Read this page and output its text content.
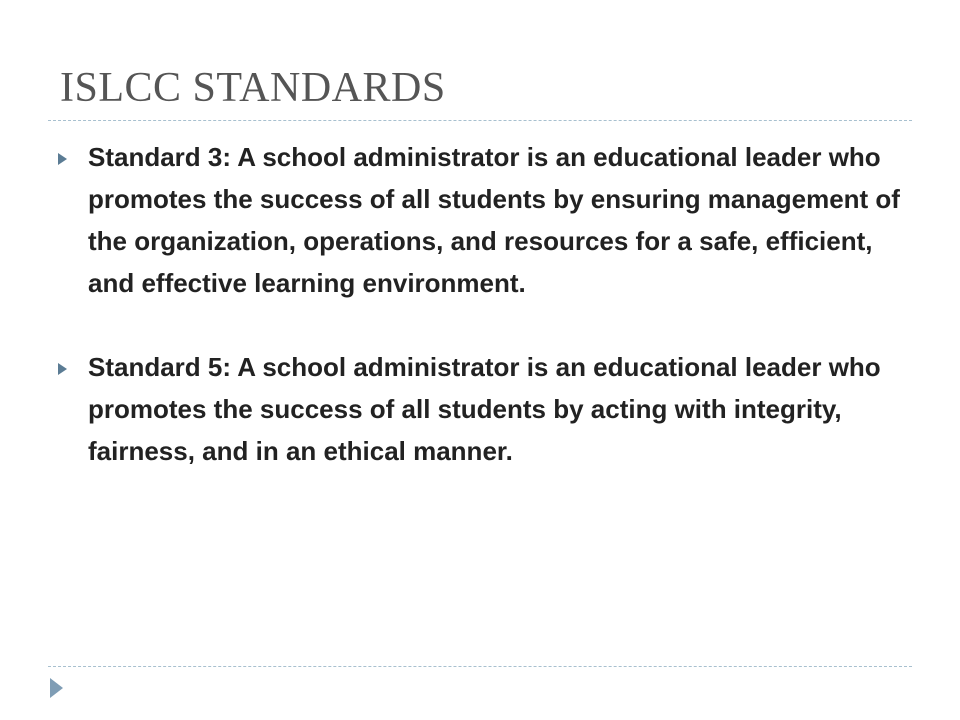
ISLCC STANDARDS
Standard 3: A school administrator is an educational leader who promotes the success of all students by ensuring management of the organization, operations, and resources for a safe, efficient, and effective learning environment.
Standard 5: A school administrator is an educational leader who promotes the success of all students by acting with integrity, fairness, and in an ethical manner.
